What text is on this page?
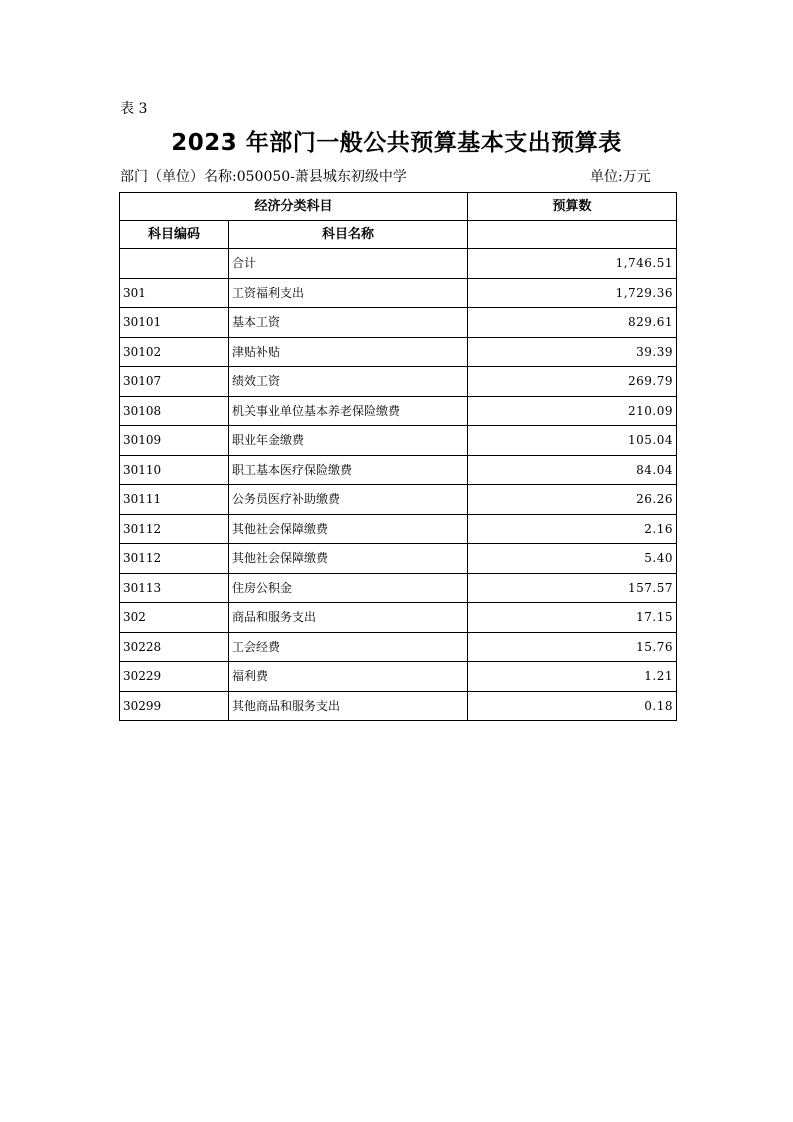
表 3
2023 年部门一般公共预算基本支出预算表
部门（单位）名称:050050-萧县城东初级中学	单位:万元
经济分类科目		预算数
科目编码	科目名称	
	合计	1,746.51
301	工资福利支出	1,729.36
30101	基本工资	829.61
30102	津贴补贴	39.39
30107	绩效工资	269.79
30108	机关事业单位基本养老保险缴费	210.09
30109	职业年金缴费	105.04
30110	职工基本医疗保险缴费	84.04
30111	公务员医疗补助缴费	26.26
30112	其他社会保障缴费	2.16
30112	其他社会保障缴费	5.40
30113	住房公积金	157.57
302	商品和服务支出	17.15
30228	工会经费	15.76
30229	福利费	1.21
30299	其他商品和服务支出	0.18
